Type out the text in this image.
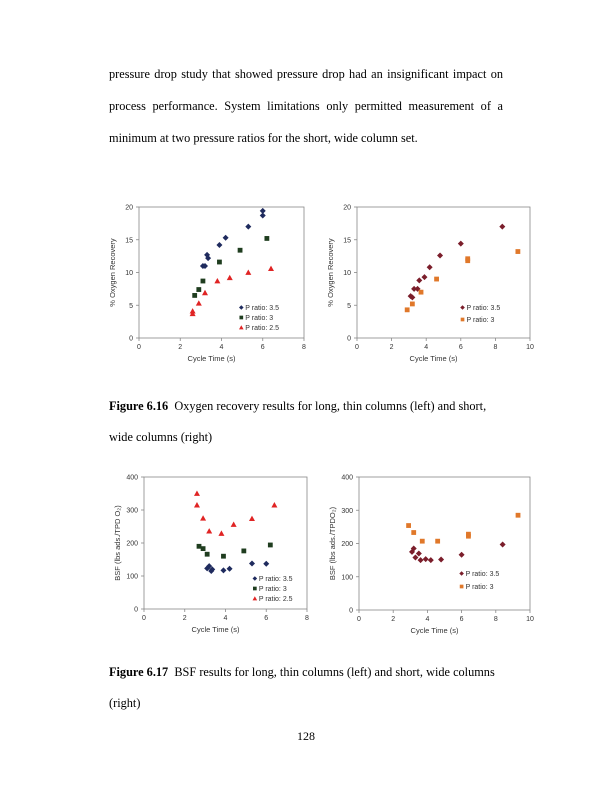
pressure drop study that showed pressure drop had an insignificant impact on process performance. System limitations only permitted measurement of a minimum at two pressure ratios for the short, wide column set.
0	2	4	6	8
0
5
10
15
20
Cycle Time (s)
% Oxygen Recovery
P ratio: 3.5
P ratio: 3
P ratio: 2.5
0	2	4	6	8	10
0
5
10
15
20
Cycle Time (s)
% Oxygen Recovery
P ratio: 3.5
P ratio: 3
Figure 6.16 Oxygen recovery results for long, thin columns (left) and short, wide columns (right)
0	2	4	6	8
0
100
200
300
400
Cycle Time (s)
BSF (lbs ads./TPD O₂)	P ratio: 3.5
P ratio: 3
P ratio: 2.5
0	2	4	6	8	10
0
100
200
300
400
Cycle Time (s)
BSF (lbs ads./TPDO₂)	P ratio: 3.5
P ratio: 3
Figure 6.17 BSF results for long, thin columns (left) and short, wide columns (right)
128
